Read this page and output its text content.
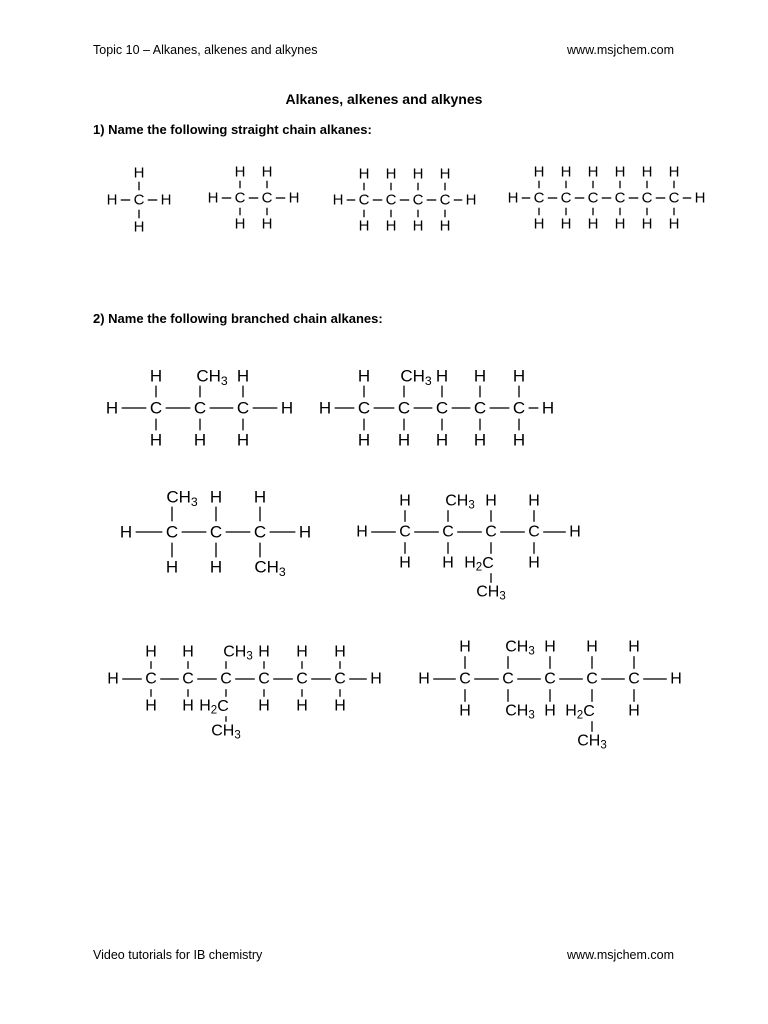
Topic 10 – Alkanes, alkenes and alkynes	www.msjchem.com
Alkanes, alkenes and alkynes
1) Name the following straight chain alkanes:
2) Name the following branched chain alkanes:
H	H
C
H
H
H	H
C
H
H
C
H
H
H	H
C
H
H
C
H
H
C
H
H
C
H
H
H	H
C
H
H
C
H
H
C
H
H
C
H
H
C
H
H
C
H
H
H	H
C
H
H
C
$CH_3$
H
C
H
H
H	H
C
H
H
C
$CH_3$
H
C
H
H
C
H
H
C
H
H
H	H
C
$CH_3$
H
C
H
H
C
H
$CH_3$
H	H
C
H
H
C
$CH_3$
H
C
H
$H_2C$
$CH_3$
C
H
H
H	H
C
H
H
C
H
H
C
$CH_3$
$H_2C$
$CH_3$
C
H
H
C
H
H
C
H
H
H	H
C
H
H
C
$CH_3$
$CH_3$
C
H
H
C
H
$H_2C$
$CH_3$
C
H
H
Video tutorials for IB chemistry	www.msjchem.com
